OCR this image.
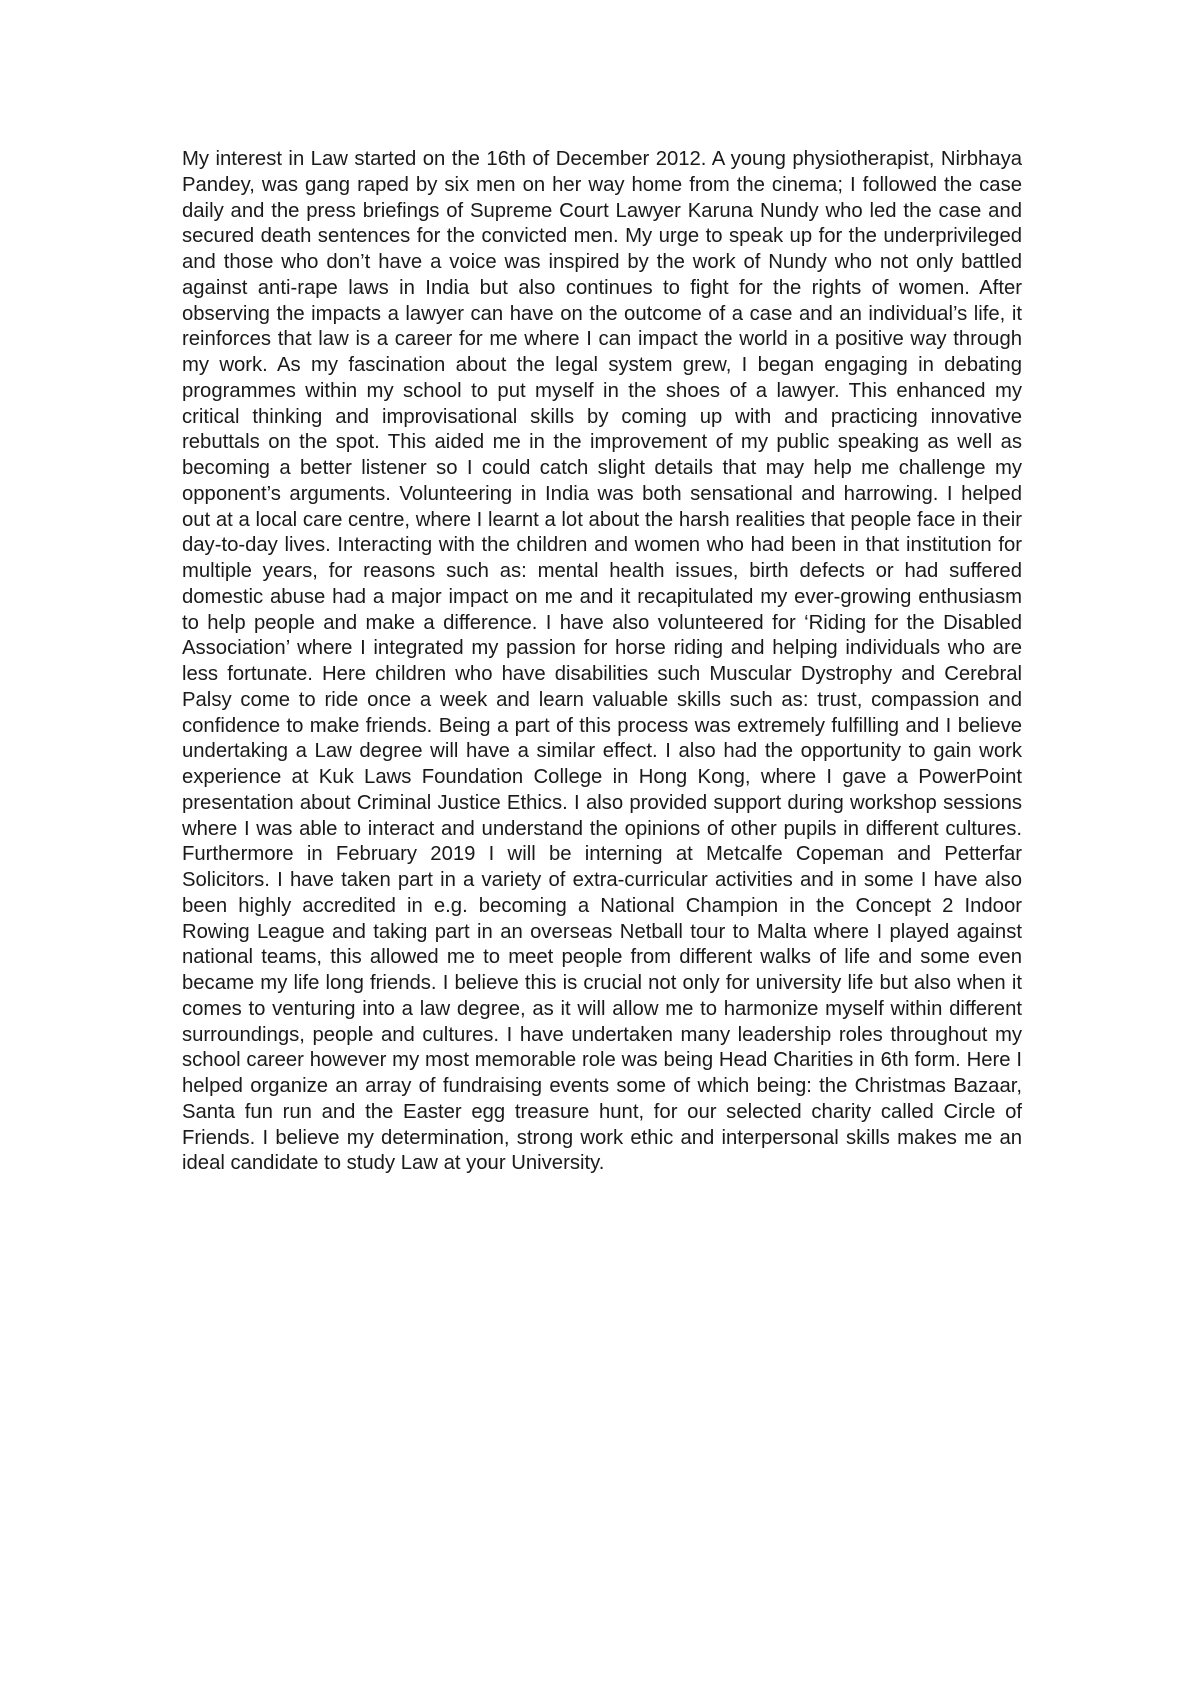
My interest in Law started on the 16th of December 2012. A young physiotherapist, Nirbhaya Pandey, was gang raped by six men on her way home from the cinema; I followed the case daily and the press briefings of Supreme Court Lawyer Karuna Nundy who led the case and secured death sentences for the convicted men. My urge to speak up for the underprivileged and those who don’t have a voice was inspired by the work of Nundy who not only battled against anti-rape laws in India but also continues to fight for the rights of women. After observing the impacts a lawyer can have on the outcome of a case and an individual’s life, it reinforces that law is a career for me where I can impact the world in a positive way through my work. As my fascination about the legal system grew, I began engaging in debating programmes within my school to put myself in the shoes of a lawyer. This enhanced my critical thinking and improvisational skills by coming up with and practicing innovative rebuttals on the spot. This aided me in the improvement of my public speaking as well as becoming a better listener so I could catch slight details that may help me challenge my opponent’s arguments. Volunteering in India was both sensational and harrowing. I helped out at a local care centre, where I learnt a lot about the harsh realities that people face in their day-to-day lives. Interacting with the children and women who had been in that institution for multiple years, for reasons such as: mental health issues, birth defects or had suffered domestic abuse had a major impact on me and it recapitulated my ever-growing enthusiasm to help people and make a difference. I have also volunteered for ‘Riding for the Disabled Association’ where I integrated my passion for horse riding and helping individuals who are less fortunate. Here children who have disabilities such Muscular Dystrophy and Cerebral Palsy come to ride once a week and learn valuable skills such as: trust, compassion and confidence to make friends. Being a part of this process was extremely fulfilling and I believe undertaking a Law degree will have a similar effect. I also had the opportunity to gain work experience at Kuk Laws Foundation College in Hong Kong, where I gave a PowerPoint presentation about Criminal Justice Ethics. I also provided support during workshop sessions where I was able to interact and understand the opinions of other pupils in different cultures. Furthermore in February 2019 I will be interning at Metcalfe Copeman and Petterfar Solicitors. I have taken part in a variety of extra-curricular activities and in some I have also been highly accredited in e.g. becoming a National Champion in the Concept 2 Indoor Rowing League and taking part in an overseas Netball tour to Malta where I played against national teams, this allowed me to meet people from different walks of life and some even became my life long friends. I believe this is crucial not only for university life but also when it comes to venturing into a law degree, as it will allow me to harmonize myself within different surroundings, people and cultures. I have undertaken many leadership roles throughout my school career however my most memorable role was being Head Charities in 6th form. Here I helped organize an array of fundraising events some of which being: the Christmas Bazaar, Santa fun run and the Easter egg treasure hunt, for our selected charity called Circle of Friends. I believe my determination, strong work ethic and interpersonal skills makes me an ideal candidate to study Law at your University.
